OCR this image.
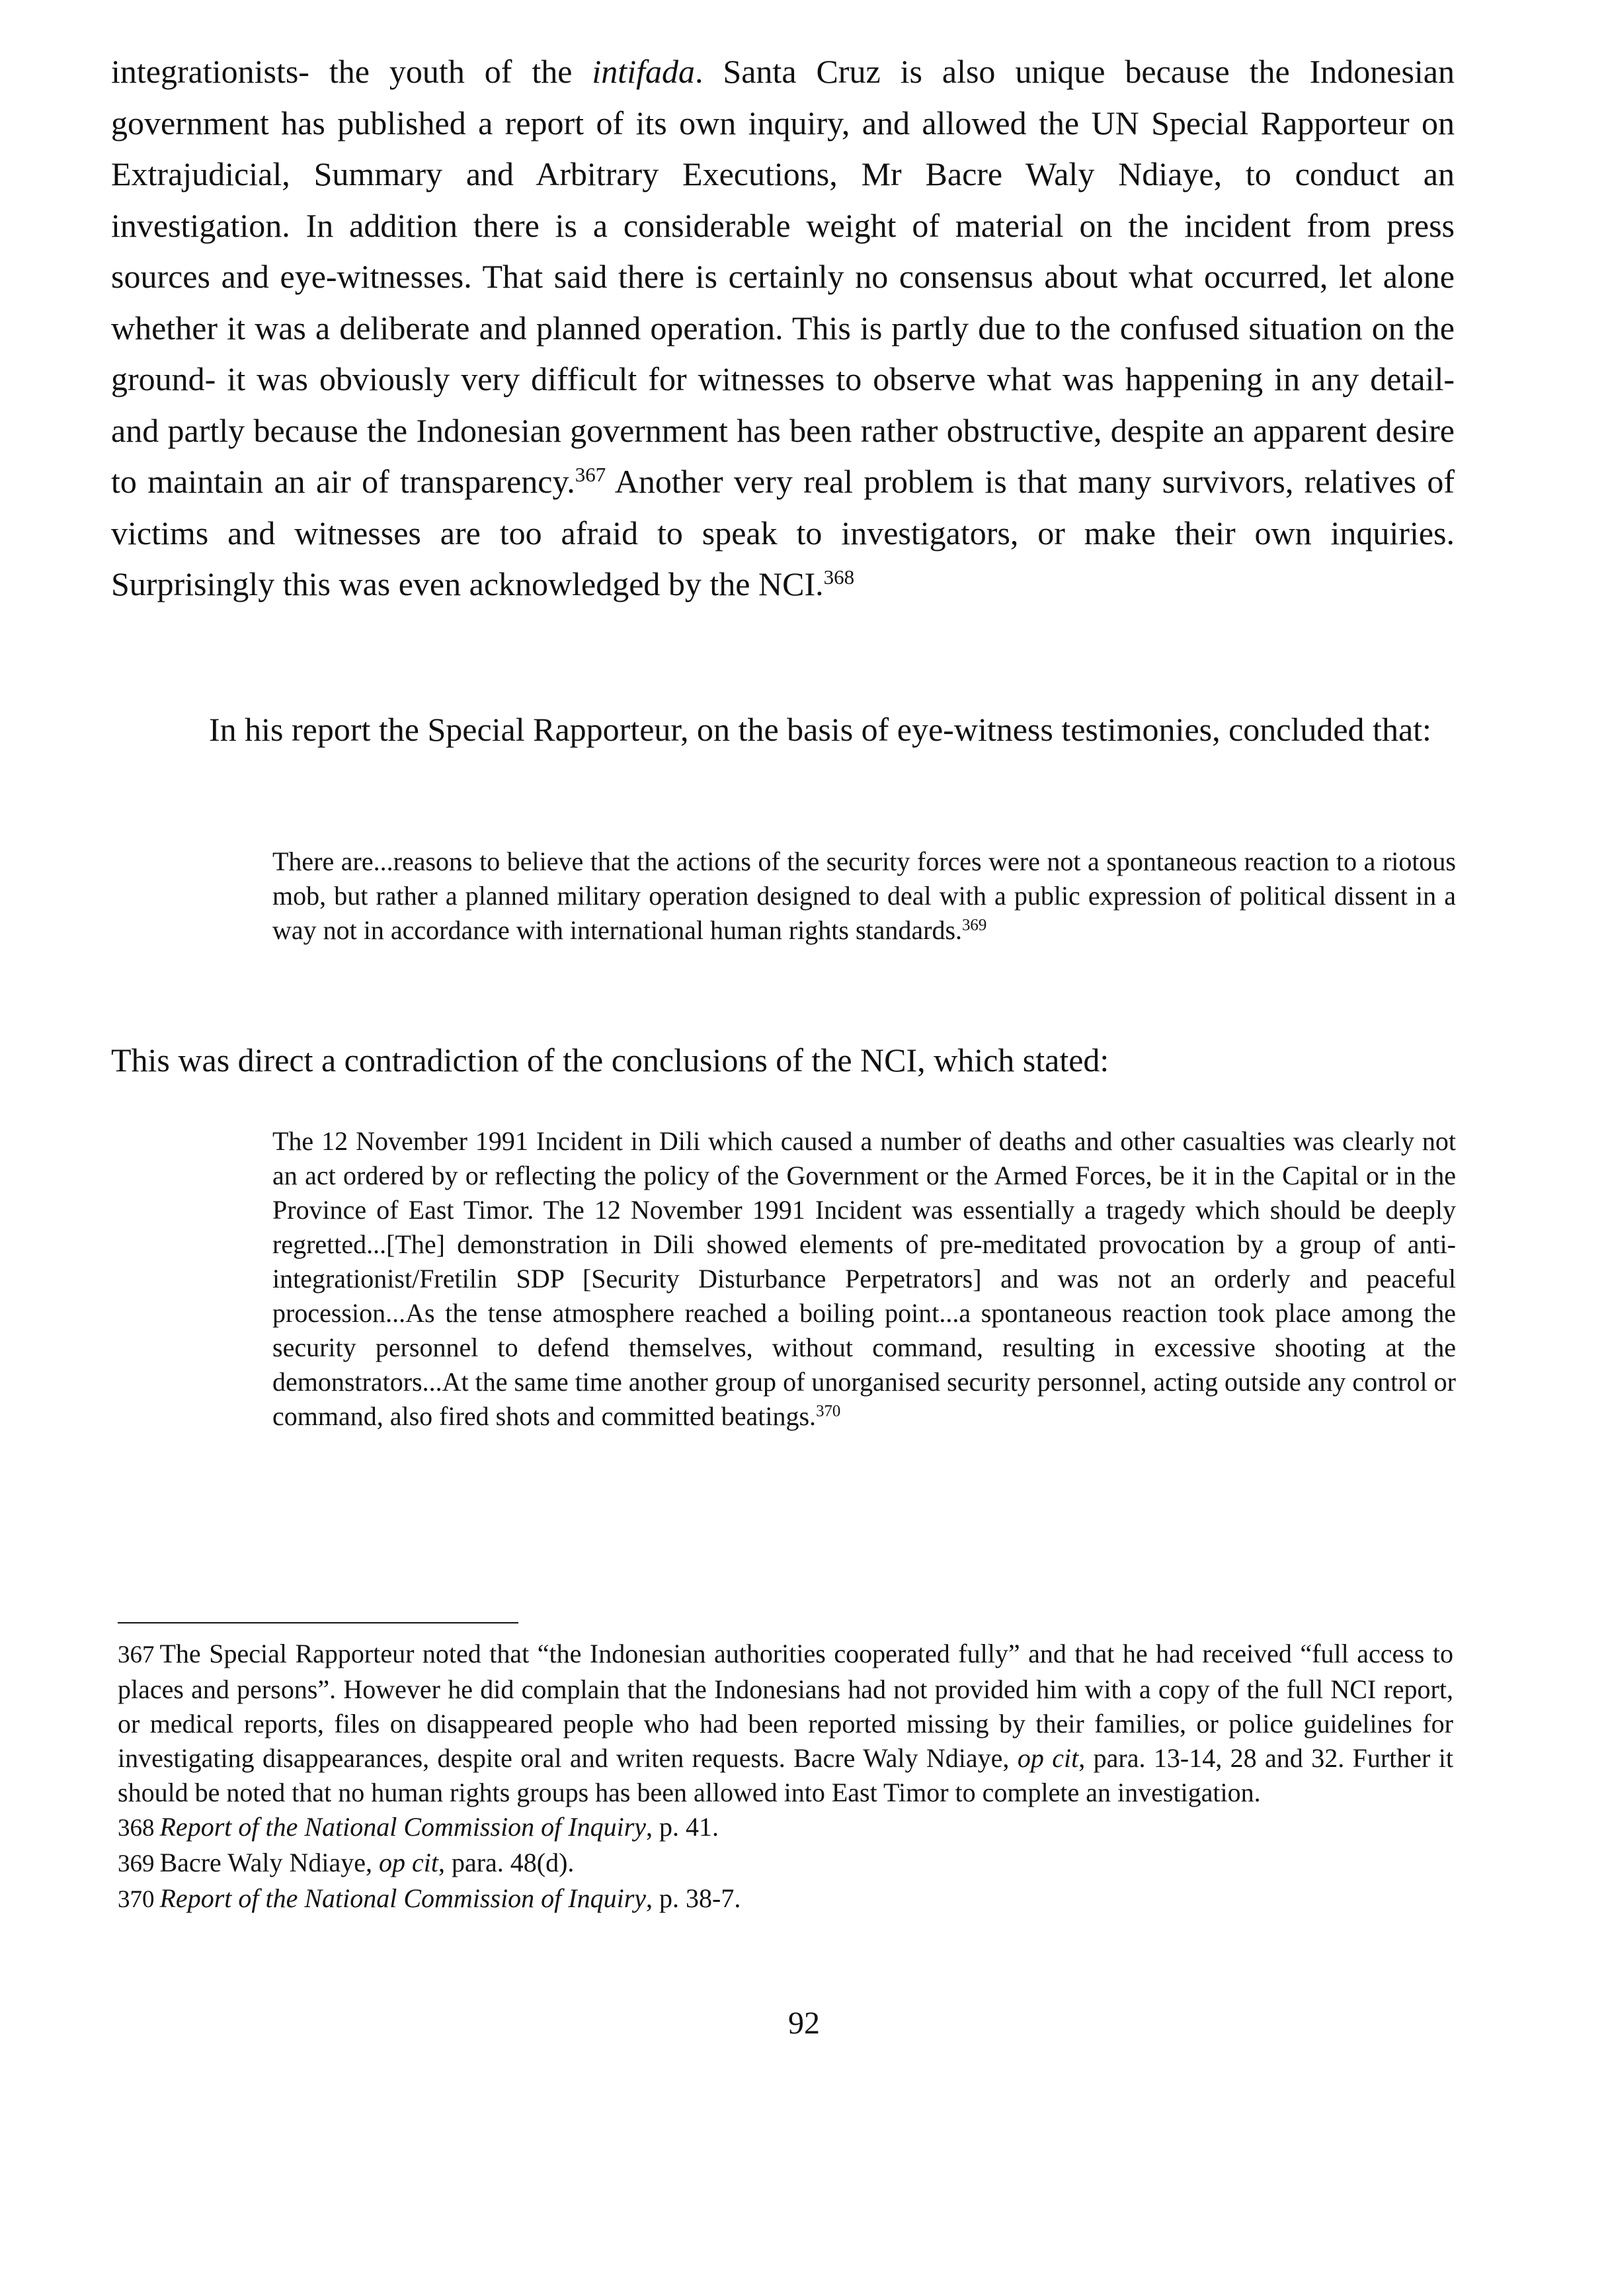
integrationists- the youth of the intifada. Santa Cruz is also unique because the Indonesian government has published a report of its own inquiry, and allowed the UN Special Rapporteur on Extrajudicial, Summary and Arbitrary Executions, Mr Bacre Waly Ndiaye, to conduct an investigation. In addition there is a considerable weight of material on the incident from press sources and eye-witnesses. That said there is certainly no consensus about what occurred, let alone whether it was a deliberate and planned operation. This is partly due to the confused situation on the ground- it was obviously very difficult for witnesses to observe what was happening in any detail- and partly because the Indonesian government has been rather obstructive, despite an apparent desire to maintain an air of transparency.$^{367}$ Another very real problem is that many survivors, relatives of victims and witnesses are too afraid to speak to investigators, or make their own inquiries. Surprisingly this was even acknowledged by the NCI.$^{368}$

In his report the Special Rapporteur, on the basis of eye-witness testimonies, concluded that:

There are...reasons to believe that the actions of the security forces were not a spontaneous reaction to a riotous mob, but rather a planned military operation designed to deal with a public expression of political dissent in a way not in accordance with international human rights standards.$^{369}$

This was direct a contradiction of the conclusions of the NCI, which stated:

The 12 November 1991 Incident in Dili which caused a number of deaths and other casualties was clearly not an act ordered by or reflecting the policy of the Government or the Armed Forces, be it in the Capital or in the Province of East Timor. The 12 November 1991 Incident was essentially a tragedy which should be deeply regretted...[The] demonstration in Dili showed elements of pre-meditated provocation by a group of anti-integrationist/Fretilin SDP [Security Disturbance Perpetrators] and was not an orderly and peaceful procession...As the tense atmosphere reached a boiling point...a spontaneous reaction took place among the security personnel to defend themselves, without command, resulting in excessive shooting at the demonstrators...At the same time another group of unorganised security personnel, acting outside any control or command, also fired shots and committed beatings.$^{370}$

367 The Special Rapporteur noted that “the Indonesian authorities cooperated fully” and that he had received “full access to places and persons”. However he did complain that the Indonesians had not provided him with a copy of the full NCI report, or medical reports, files on disappeared people who had been reported missing by their families, or police guidelines for investigating disappearances, despite oral and writen requests. Bacre Waly Ndiaye, op cit, para. 13-14, 28 and 32. Further it should be noted that no human rights groups has been allowed into East Timor to complete an investigation.

368 Report of the National Commission of Inquiry, p. 41.

369 Bacre Waly Ndiaye, op cit, para. 48(d).

370 Report of the National Commission of Inquiry, p. 38-7.

92
